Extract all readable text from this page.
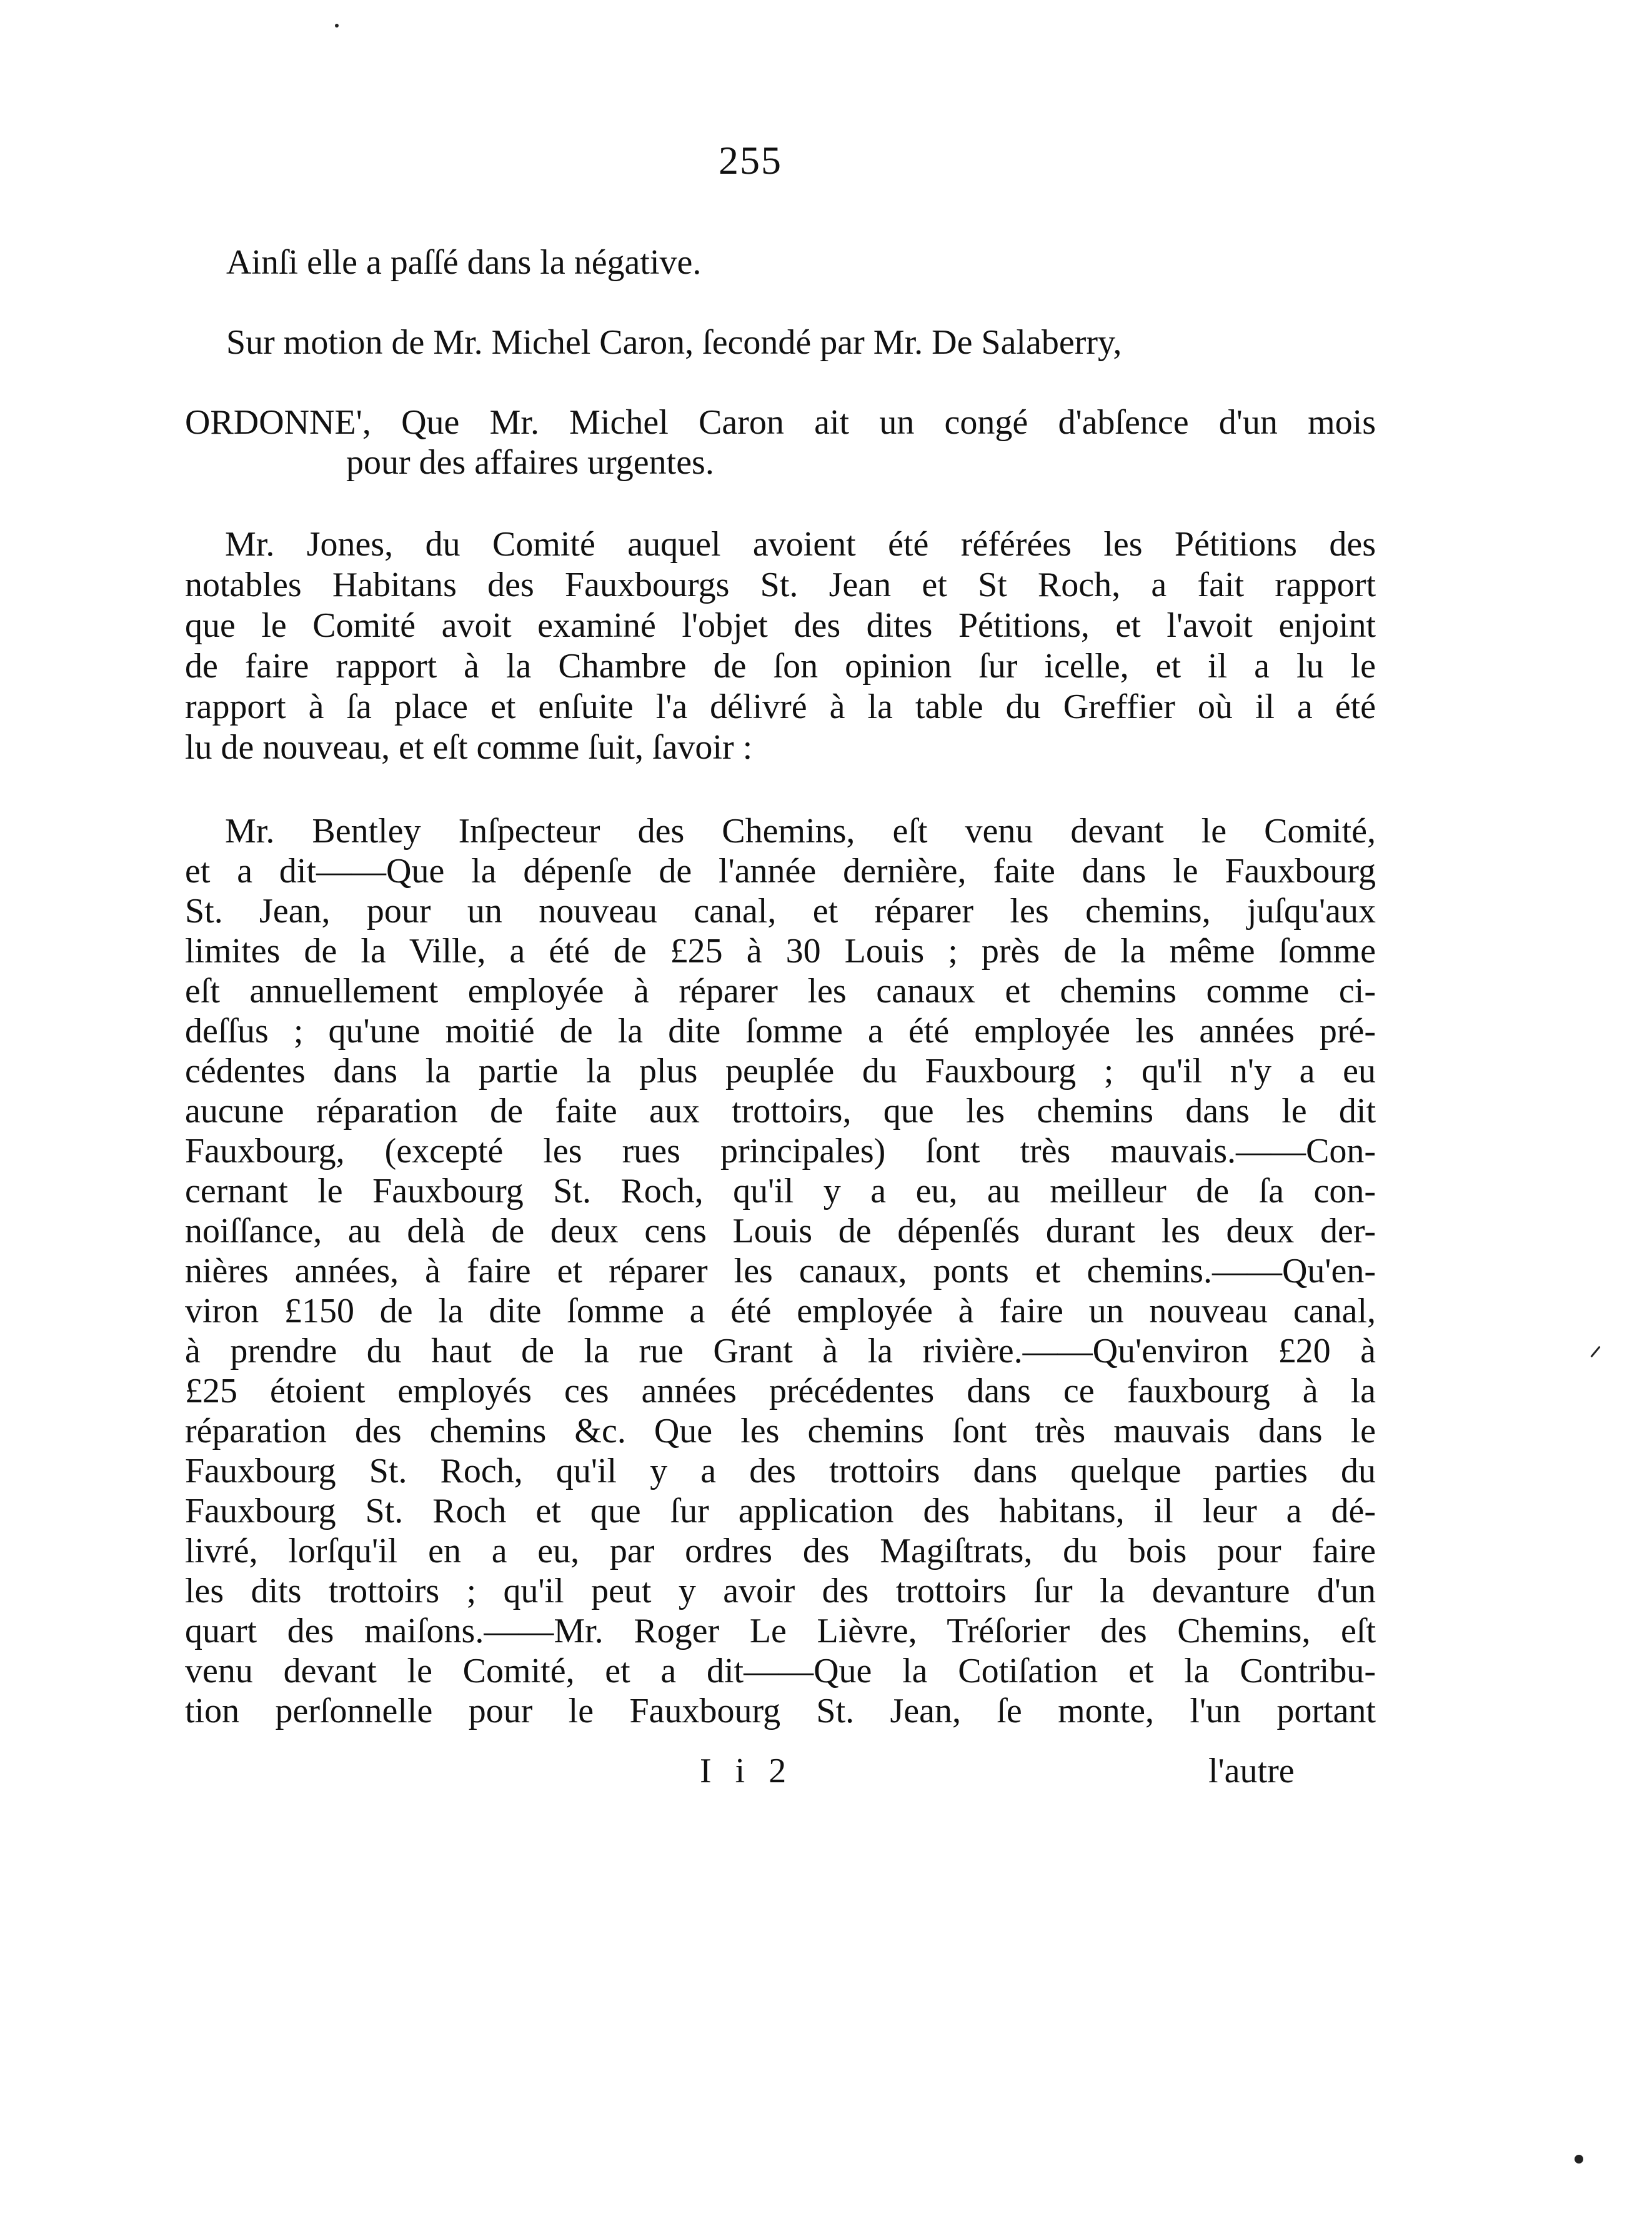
255
Ainſi elle a paſſé dans la négative.
Sur motion de Mr. Michel Caron, ſecondé par Mr. De Salaberry,
ORDONNE', Que Mr. Michel Caron ait un congé d'abſence d'un mois
pour des affaires urgentes.
Mr. Jones, du Comité auquel avoient été référées les Pétitions des
notables Habitans des Fauxbourgs St. Jean et St Roch, a fait rapport
que le Comité avoit examiné l'objet des dites Pétitions, et l'avoit enjoint
de faire rapport à la Chambre de ſon opinion ſur icelle, et il a lu le
rapport à ſa place et enſuite l'a délivré à la table du Greffier où il a été
lu de nouveau, et eſt comme ſuit, ſavoir :
Mr. Bentley Inſpecteur des Chemins, eſt venu devant le Comité,
et a dit——Que la dépenſe de l'année dernière, faite dans le Fauxbourg
St. Jean, pour un nouveau canal, et réparer les chemins, juſqu'aux
limites de la Ville, a été de £25 à 30 Louis ; près de la même ſomme
eſt annuellement employée à réparer les canaux et chemins comme ci-
deſſus ; qu'une moitié de la dite ſomme a été employée les années pré-
cédentes dans la partie la plus peuplée du Fauxbourg ; qu'il n'y a eu
aucune réparation de faite aux trottoirs, que les chemins dans le dit
Fauxbourg, (excepté les rues principales) ſont très mauvais.——Con-
cernant le Fauxbourg St. Roch, qu'il y a eu, au meilleur de ſa con-
noiſſance, au delà de deux cens Louis de dépenſés durant les deux der-
nières années, à faire et réparer les canaux, ponts et chemins.——Qu'en-
viron £150 de la dite ſomme a été employée à faire un nouveau canal,
à prendre du haut de la rue Grant à la rivière.——Qu'environ £20 à
£25 étoient employés ces années précédentes dans ce fauxbourg à la
réparation des chemins &c. Que les chemins ſont très mauvais dans le
Fauxbourg St. Roch, qu'il y a des trottoirs dans quelque parties du
Fauxbourg St. Roch et que ſur application des habitans, il leur a dé-
livré, lorſqu'il en a eu, par ordres des Magiſtrats, du bois pour faire
les dits trottoirs ; qu'il peut y avoir des trottoirs ſur la devanture d'un
quart des maiſons.——Mr. Roger Le Lièvre, Tréſorier des Chemins, eſt
venu devant le Comité, et a dit——Que la Cotiſation et la Contribu-
tion perſonnelle pour le Fauxbourg St. Jean, ſe monte, l'un portant
I i 2	l'autre
